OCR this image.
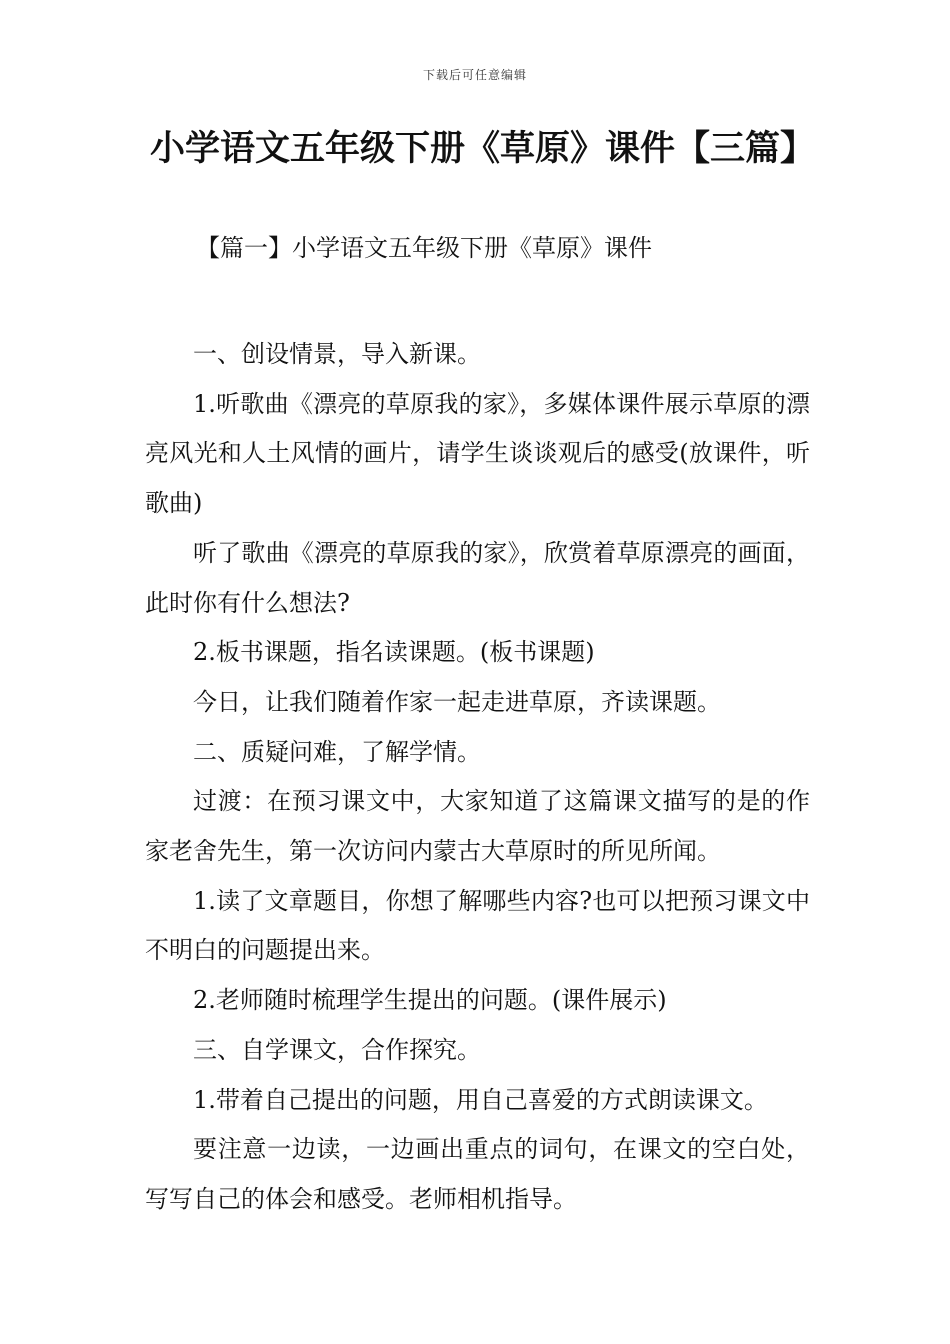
下载后可任意编辑
小学语文五年级下册《草原》课件【三篇】
【篇一】小学语文五年级下册《草原》课件

一、创设情景，导入新课。

1.听歌曲《漂亮的草原我的家》，多媒体课件展示草原的漂亮风光和人土风情的画片，请学生谈谈观后的感受(放课件，听歌曲)

听了歌曲《漂亮的草原我的家》，欣赏着草原漂亮的画面，此时你有什么想法?

2.板书课题，指名读课题。(板书课题)

今日，让我们随着作家一起走进草原，齐读课题。

二、质疑问难，了解学情。

过渡：在预习课文中，大家知道了这篇课文描写的是的作家老舍先生，第一次访问内蒙古大草原时的所见所闻。

1.读了文章题目，你想了解哪些内容?也可以把预习课文中不明白的问题提出来。

2.老师随时梳理学生提出的问题。(课件展示)

三、自学课文，合作探究。

1.带着自己提出的问题，用自己喜爱的方式朗读课文。

要注意一边读，一边画出重点的词句，在课文的空白处，写写自己的体会和感受。老师相机指导。
